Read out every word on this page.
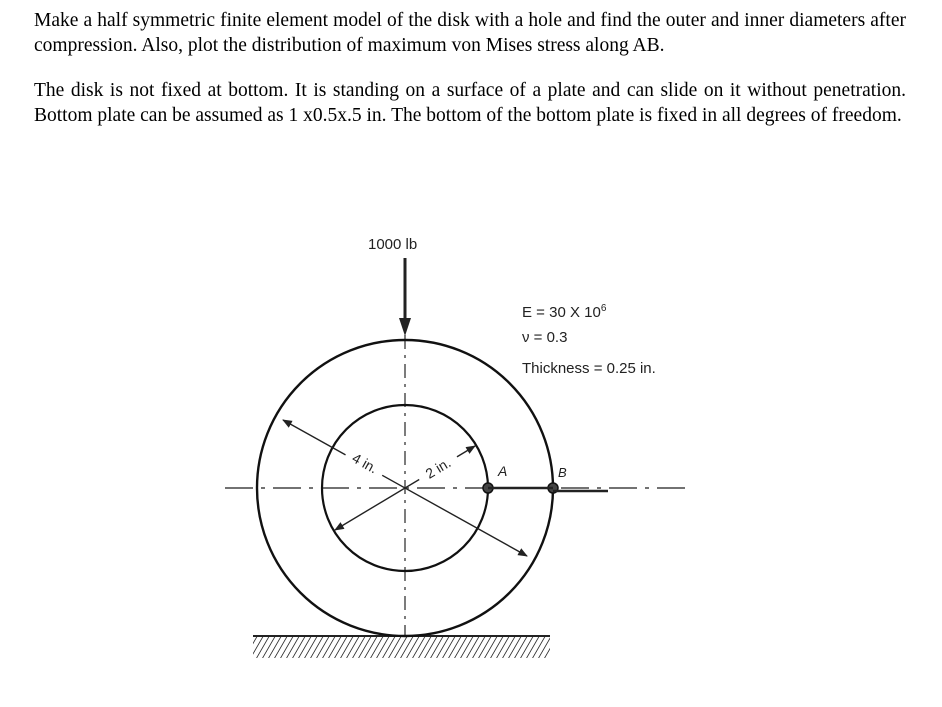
Make a half symmetric finite element model of the disk with a hole and find the outer and inner diameters after compression. Also, plot the distribution of maximum von Mises stress along AB.

The disk is not fixed at bottom. It is standing on a surface of a plate and can slide on it without penetration. Bottom plate can be assumed as 1 x0.5x.5 in. The bottom of the bottom plate is fixed in all degrees of freedom.

4 in.	2 in.	A	B
1000 lb
E = 30 X $10^6$
ν = 0.3
Thickness = 0.25 in.
